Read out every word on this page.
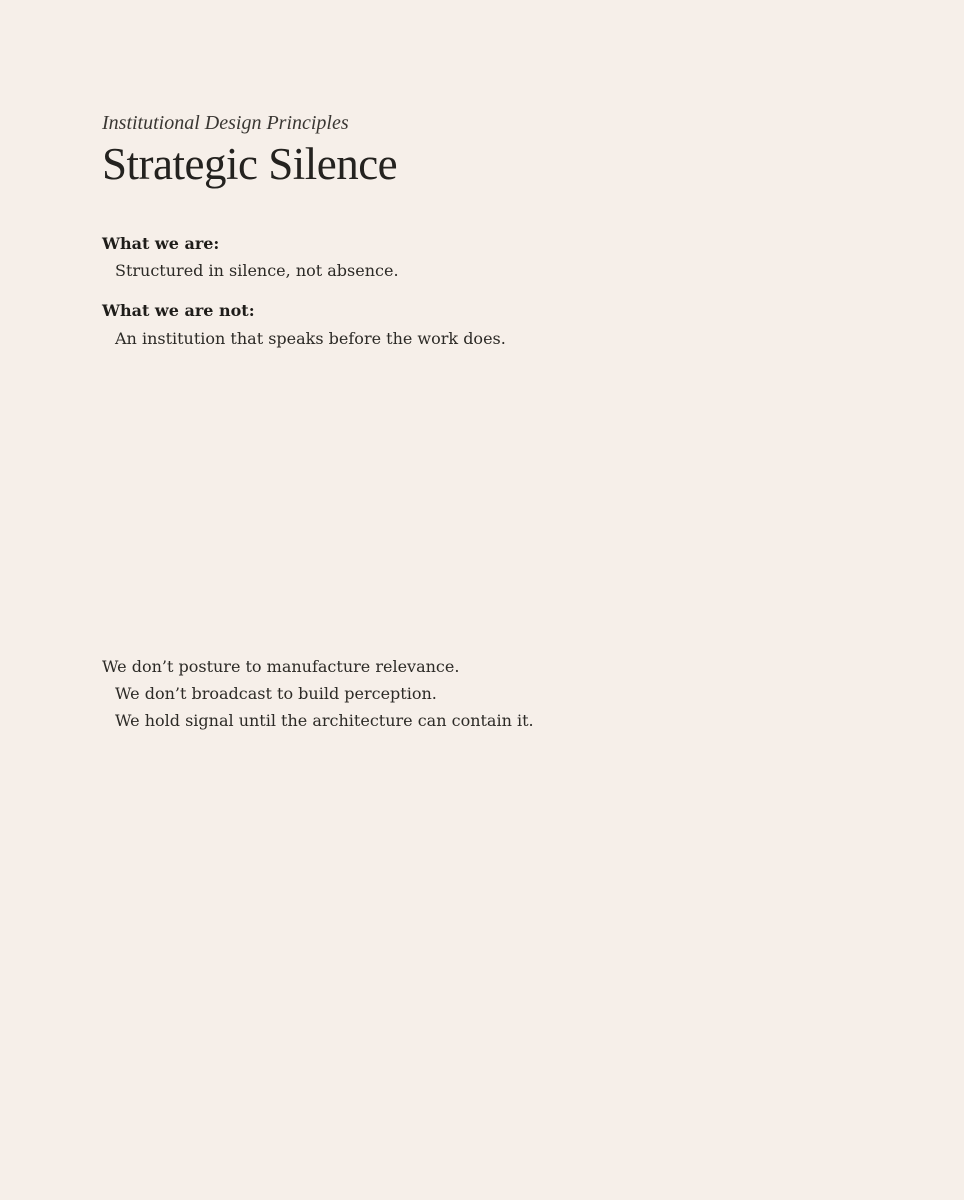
Institutional Design Principles

Strategic Silence
What we are:
Structured in silence, not absence.
What we are not:
An institution that speaks before the work does.
We don’t posture to manufacture relevance.
We don’t broadcast to build perception.
We hold signal until the architecture can contain it.
